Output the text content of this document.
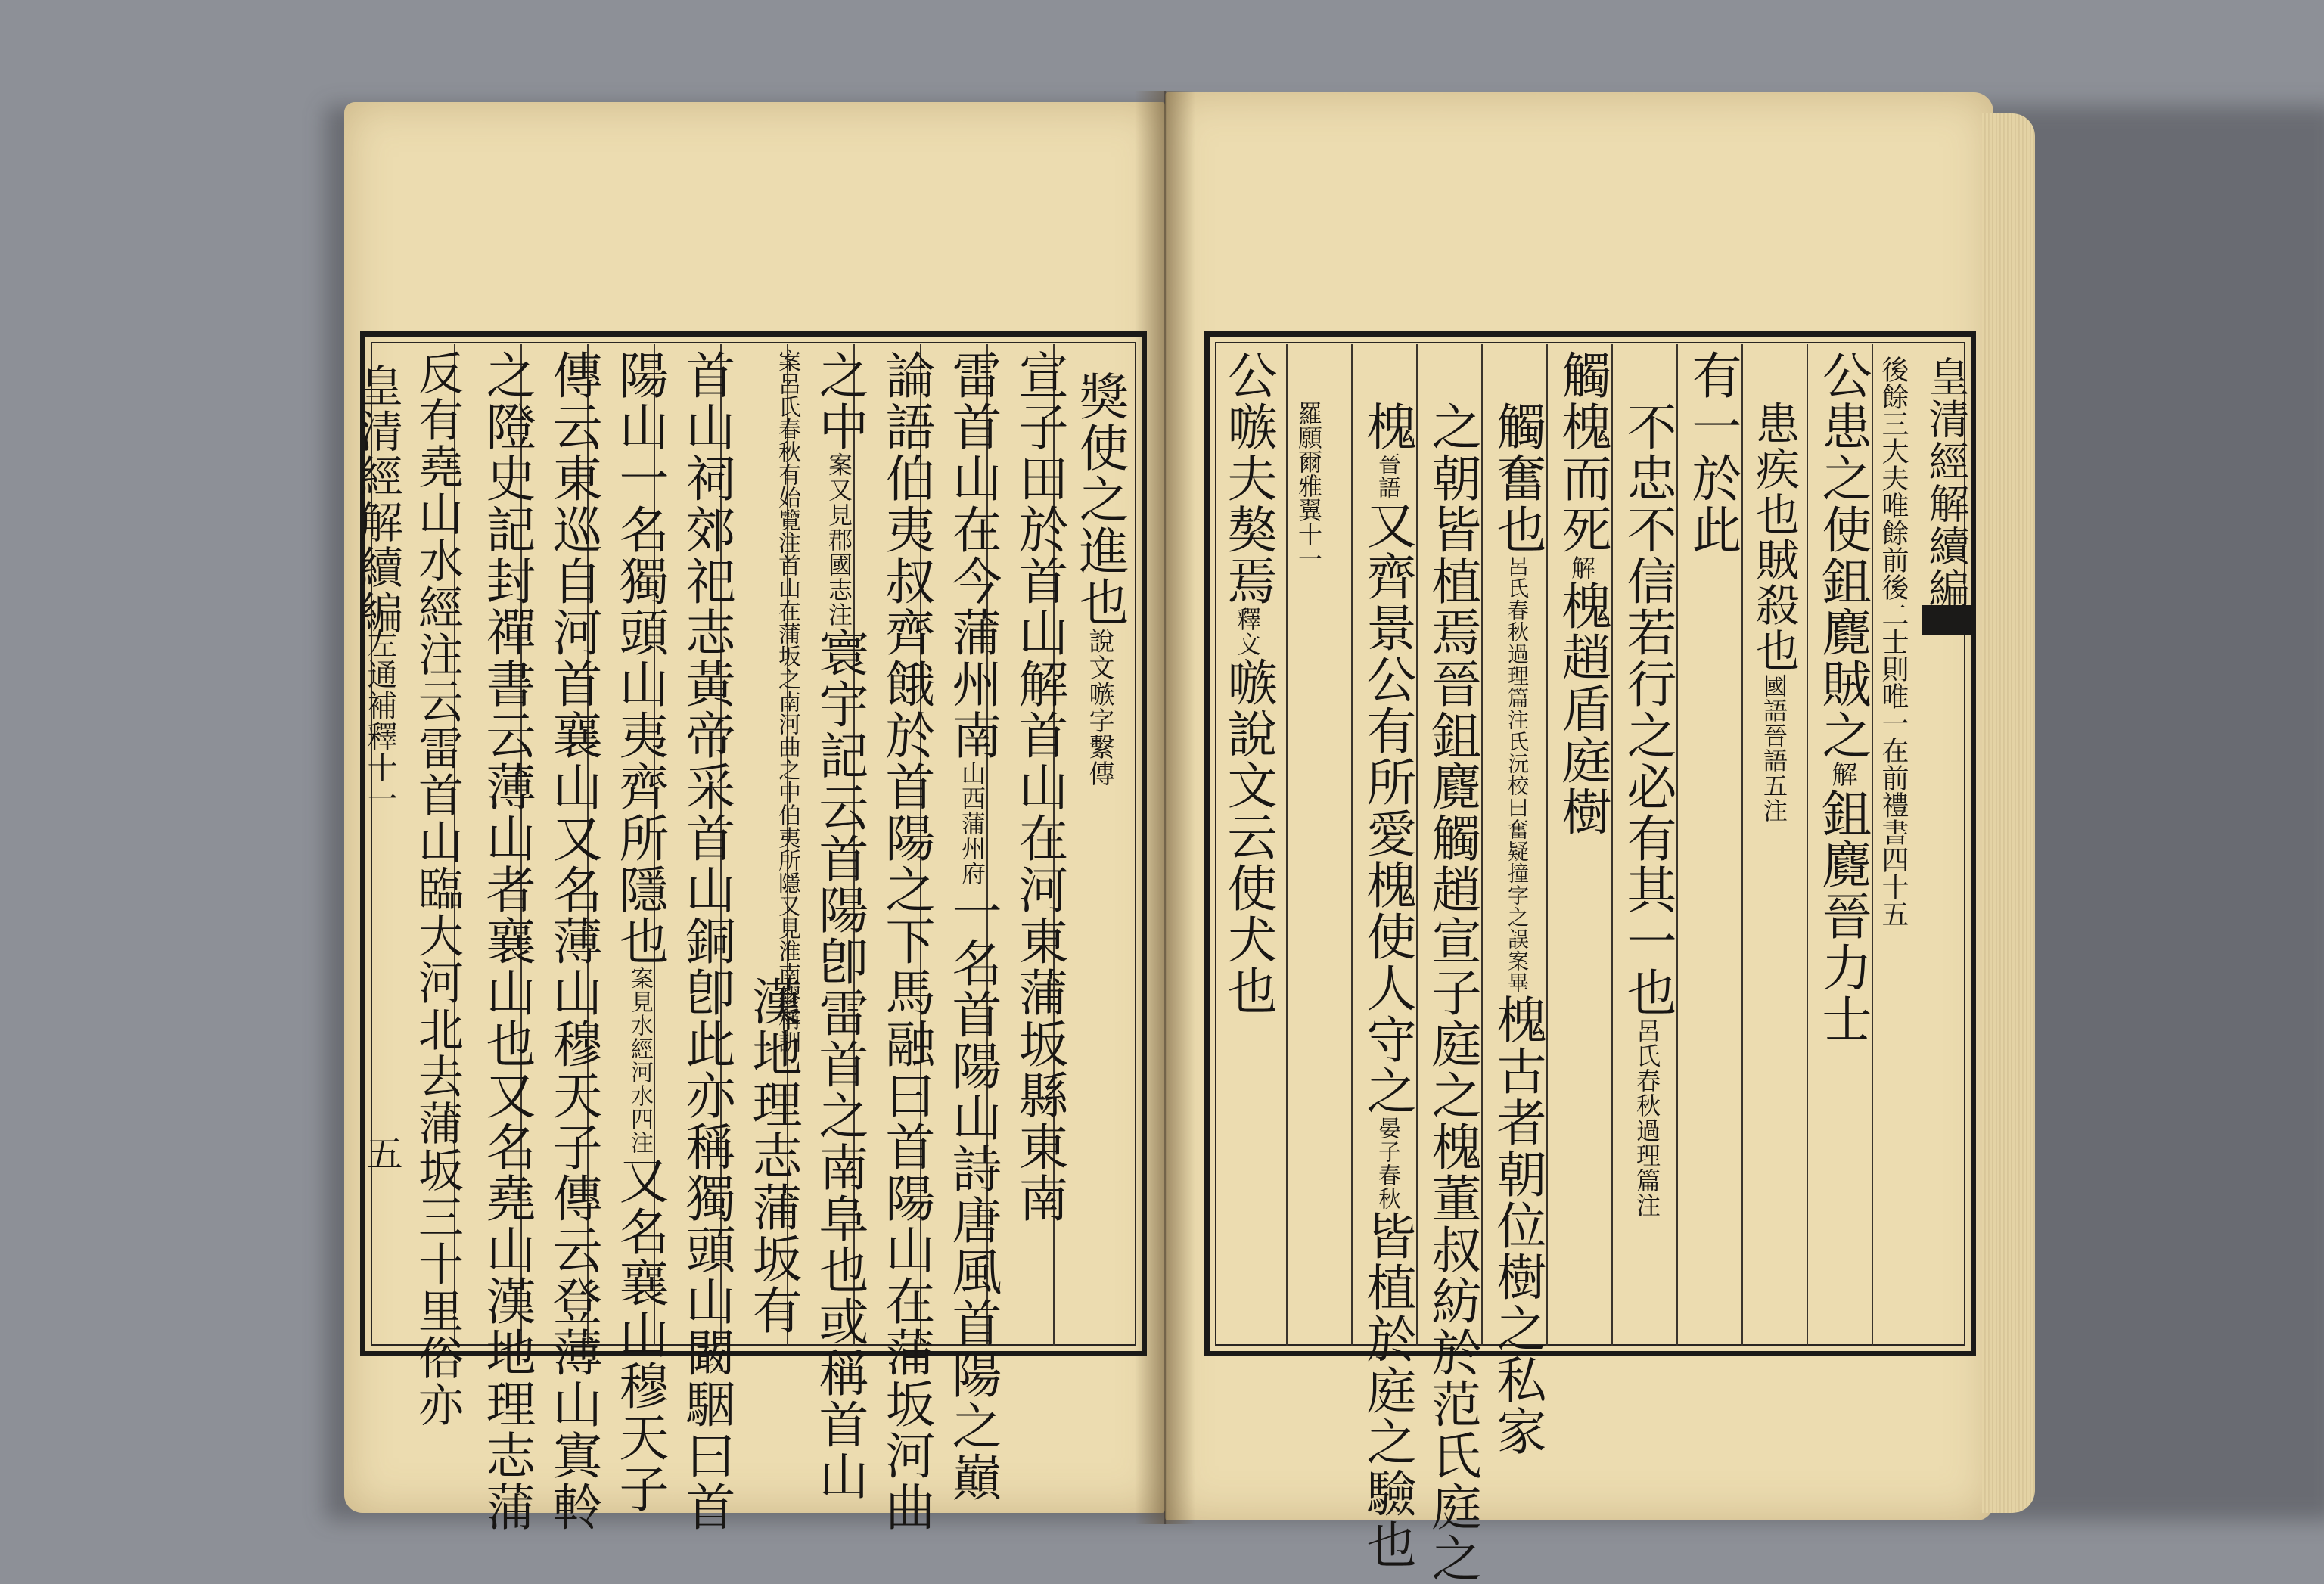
皇清經解續編
左通補釋十一
五
獎使之進也說文嗾字繫傳
宣子田於首山解首山在河東蒲坂縣東南
雷首山在今蒲州南山西蒲州府一名首陽山詩唐風首陽之巔
論語伯夷叔齊餓於首陽之下馬融曰首陽山在蒲坂河曲
之中案又見郡國志注寰宇記云首陽卽雷首之南阜也或稱首山
案呂氏春秋有始覽注首山在蒲坂之南河曲之中伯夷所隱又見淮南繆稱訓
漢地理志蒲坂有
首山祠郊祀志黃帝采首山銅卽此亦稱獨頭山闞駰曰首
陽山一名獨頭山夷齊所隱也案見水經河水四注又名襄山穆天子
傳云東巡自河首襄山又名薄山穆天子傳云登薄山寘軨
之隥史記封禪書云薄山者襄山也又名堯山漢地理志蒲
反有堯山水經注云雷首山臨大河北去蒲坂三十里俗亦	皇清經解續編
後餘三大夫唯餘前後二士則唯一在前禮書四十五
公患之使鉏麑賊之解鉏麑晉力士
患疾也賊殺也國語晉語五注
有一於此
不忠不信若行之必有其一也呂氏春秋過理篇注
觸槐而死解槐趙盾庭樹
觸奮也呂氏春秋過理篇注氏沅校曰奮疑撞字之誤案畢槐古者朝位樹之私家
之朝皆植焉晉鉏麑觸趙宣子庭之槐董叔紡於范氏庭之
槐晉語又齊景公有所愛槐使人守之晏子春秋皆植於庭之驗也
羅願爾雅翼十一
公嗾夫獒焉釋文嗾說文云使犬也
